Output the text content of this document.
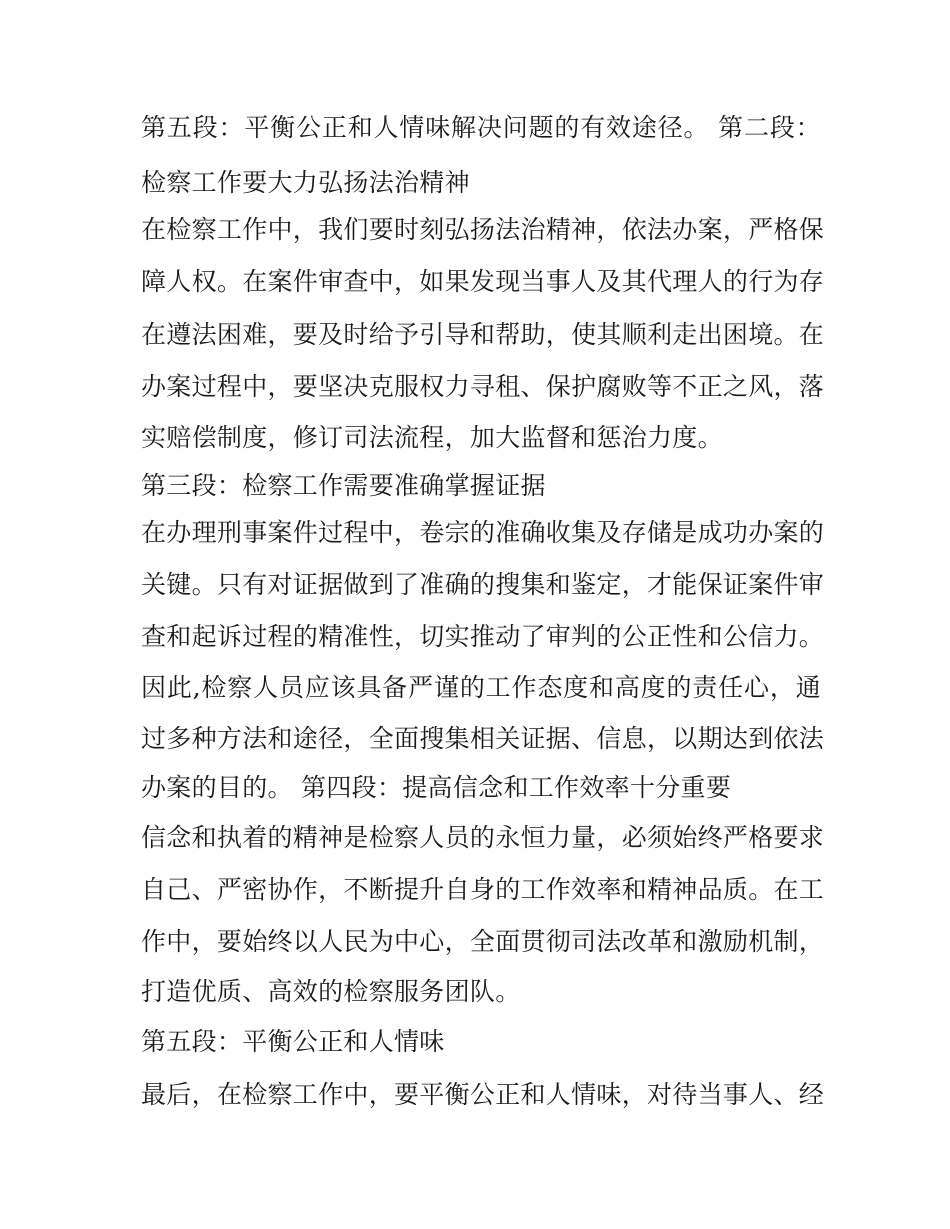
第五段：平衡公正和人情味解决问题的有效途径。 第二段：
检察工作要大力弘扬法治精神
在检察工作中，我们要时刻弘扬法治精神，依法办案，严格保
障人权。在案件审查中，如果发现当事人及其代理人的行为存
在遵法困难，要及时给予引导和帮助，使其顺利走出困境。在
办案过程中，要坚决克服权力寻租、保护腐败等不正之风，落
实赔偿制度，修订司法流程，加大监督和惩治力度。
第三段：检察工作需要准确掌握证据
在办理刑事案件过程中，卷宗的准确收集及存储是成功办案的
关键。只有对证据做到了准确的搜集和鉴定，才能保证案件审
查和起诉过程的精准性，切实推动了审判的公正性和公信力。
因此,检察人员应该具备严谨的工作态度和高度的责任心，通
过多种方法和途径，全面搜集相关证据、信息，以期达到依法
办案的目的。 第四段：提高信念和工作效率十分重要
信念和执着的精神是检察人员的永恒力量，必须始终严格要求
自己、严密协作，不断提升自身的工作效率和精神品质。在工
作中，要始终以人民为中心，全面贯彻司法改革和激励机制，
打造优质、高效的检察服务团队。
第五段：平衡公正和人情味
最后，在检察工作中，要平衡公正和人情味，对待当事人、经
